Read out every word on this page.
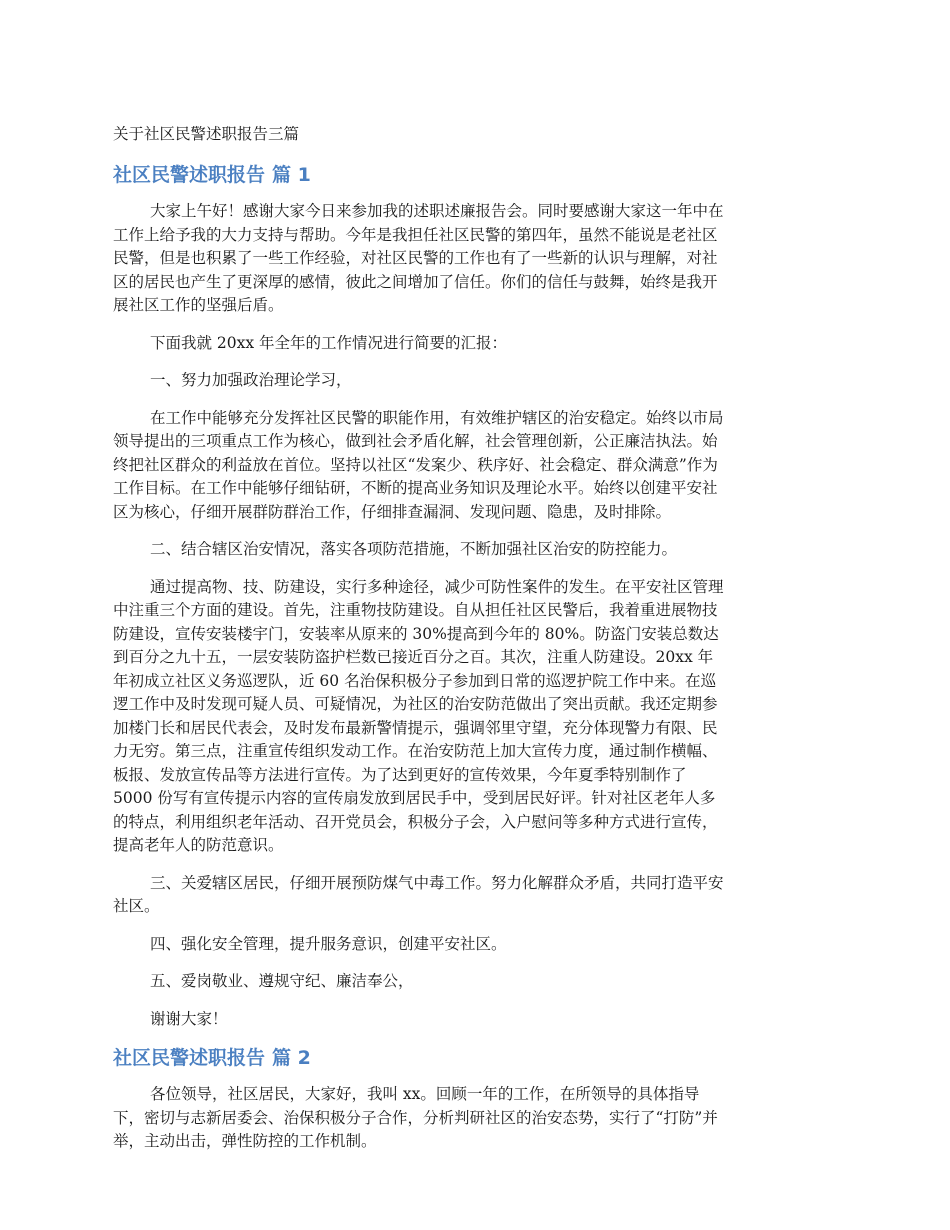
关于社区民警述职报告三篇
社区民警述职报告 篇 1

大家上午好！感谢大家今日来参加我的述职述廉报告会。同时要感谢大家这一年中在
工作上给予我的大力支持与帮助。今年是我担任社区民警的第四年，虽然不能说是老社区
民警，但是也积累了一些工作经验，对社区民警的工作也有了一些新的认识与理解，对社
区的居民也产生了更深厚的感情，彼此之间增加了信任。你们的信任与鼓舞，始终是我开
展社区工作的坚强后盾。

下面我就 20xx 年全年的工作情况进行简要的汇报：

一、努力加强政治理论学习，

在工作中能够充分发挥社区民警的职能作用，有效维护辖区的治安稳定。始终以市局
领导提出的三项重点工作为核心，做到社会矛盾化解，社会管理创新，公正廉洁执法。始
终把社区群众的利益放在首位。坚持以社区“发案少、秩序好、社会稳定、群众满意”作为
工作目标。在工作中能够仔细钻研，不断的提高业务知识及理论水平。始终以创建平安社
区为核心，仔细开展群防群治工作，仔细排查漏洞、发现问题、隐患，及时排除。

二、结合辖区治安情况，落实各项防范措施，不断加强社区治安的防控能力。

通过提高物、技、防建设，实行多种途径，减少可防性案件的发生。在平安社区管理
中注重三个方面的建设。首先，注重物技防建设。自从担任社区民警后，我着重进展物技
防建设，宣传安装楼宇门，安装率从原来的 30%提高到今年的 80%。防盗门安装总数达
到百分之九十五，一层安装防盗护栏数已接近百分之百。其次，注重人防建设。20xx 年
年初成立社区义务巡逻队，近 60 名治保积极分子参加到日常的巡逻护院工作中来。在巡
逻工作中及时发现可疑人员、可疑情况，为社区的治安防范做出了突出贡献。我还定期参
加楼门长和居民代表会，及时发布最新警情提示，强调邻里守望，充分体现警力有限、民
力无穷。第三点，注重宣传组织发动工作。在治安防范上加大宣传力度，通过制作横幅、
板报、发放宣传品等方法进行宣传。为了达到更好的宣传效果，今年夏季特别制作了
5000 份写有宣传提示内容的宣传扇发放到居民手中，受到居民好评。针对社区老年人多
的特点，利用组织老年活动、召开党员会，积极分子会，入户慰问等多种方式进行宣传，
提高老年人的防范意识。

三、关爱辖区居民，仔细开展预防煤气中毒工作。努力化解群众矛盾，共同打造平安
社区。

四、强化安全管理，提升服务意识，创建平安社区。

五、爱岗敬业、遵规守纪、廉洁奉公，

谢谢大家！

社区民警述职报告 篇 2

各位领导，社区居民，大家好，我叫 xx。回顾一年的工作，在所领导的具体指导
下，密切与志新居委会、治保积极分子合作，分析判研社区的治安态势，实行了“打防”并
举，主动出击，弹性防控的工作机制。
